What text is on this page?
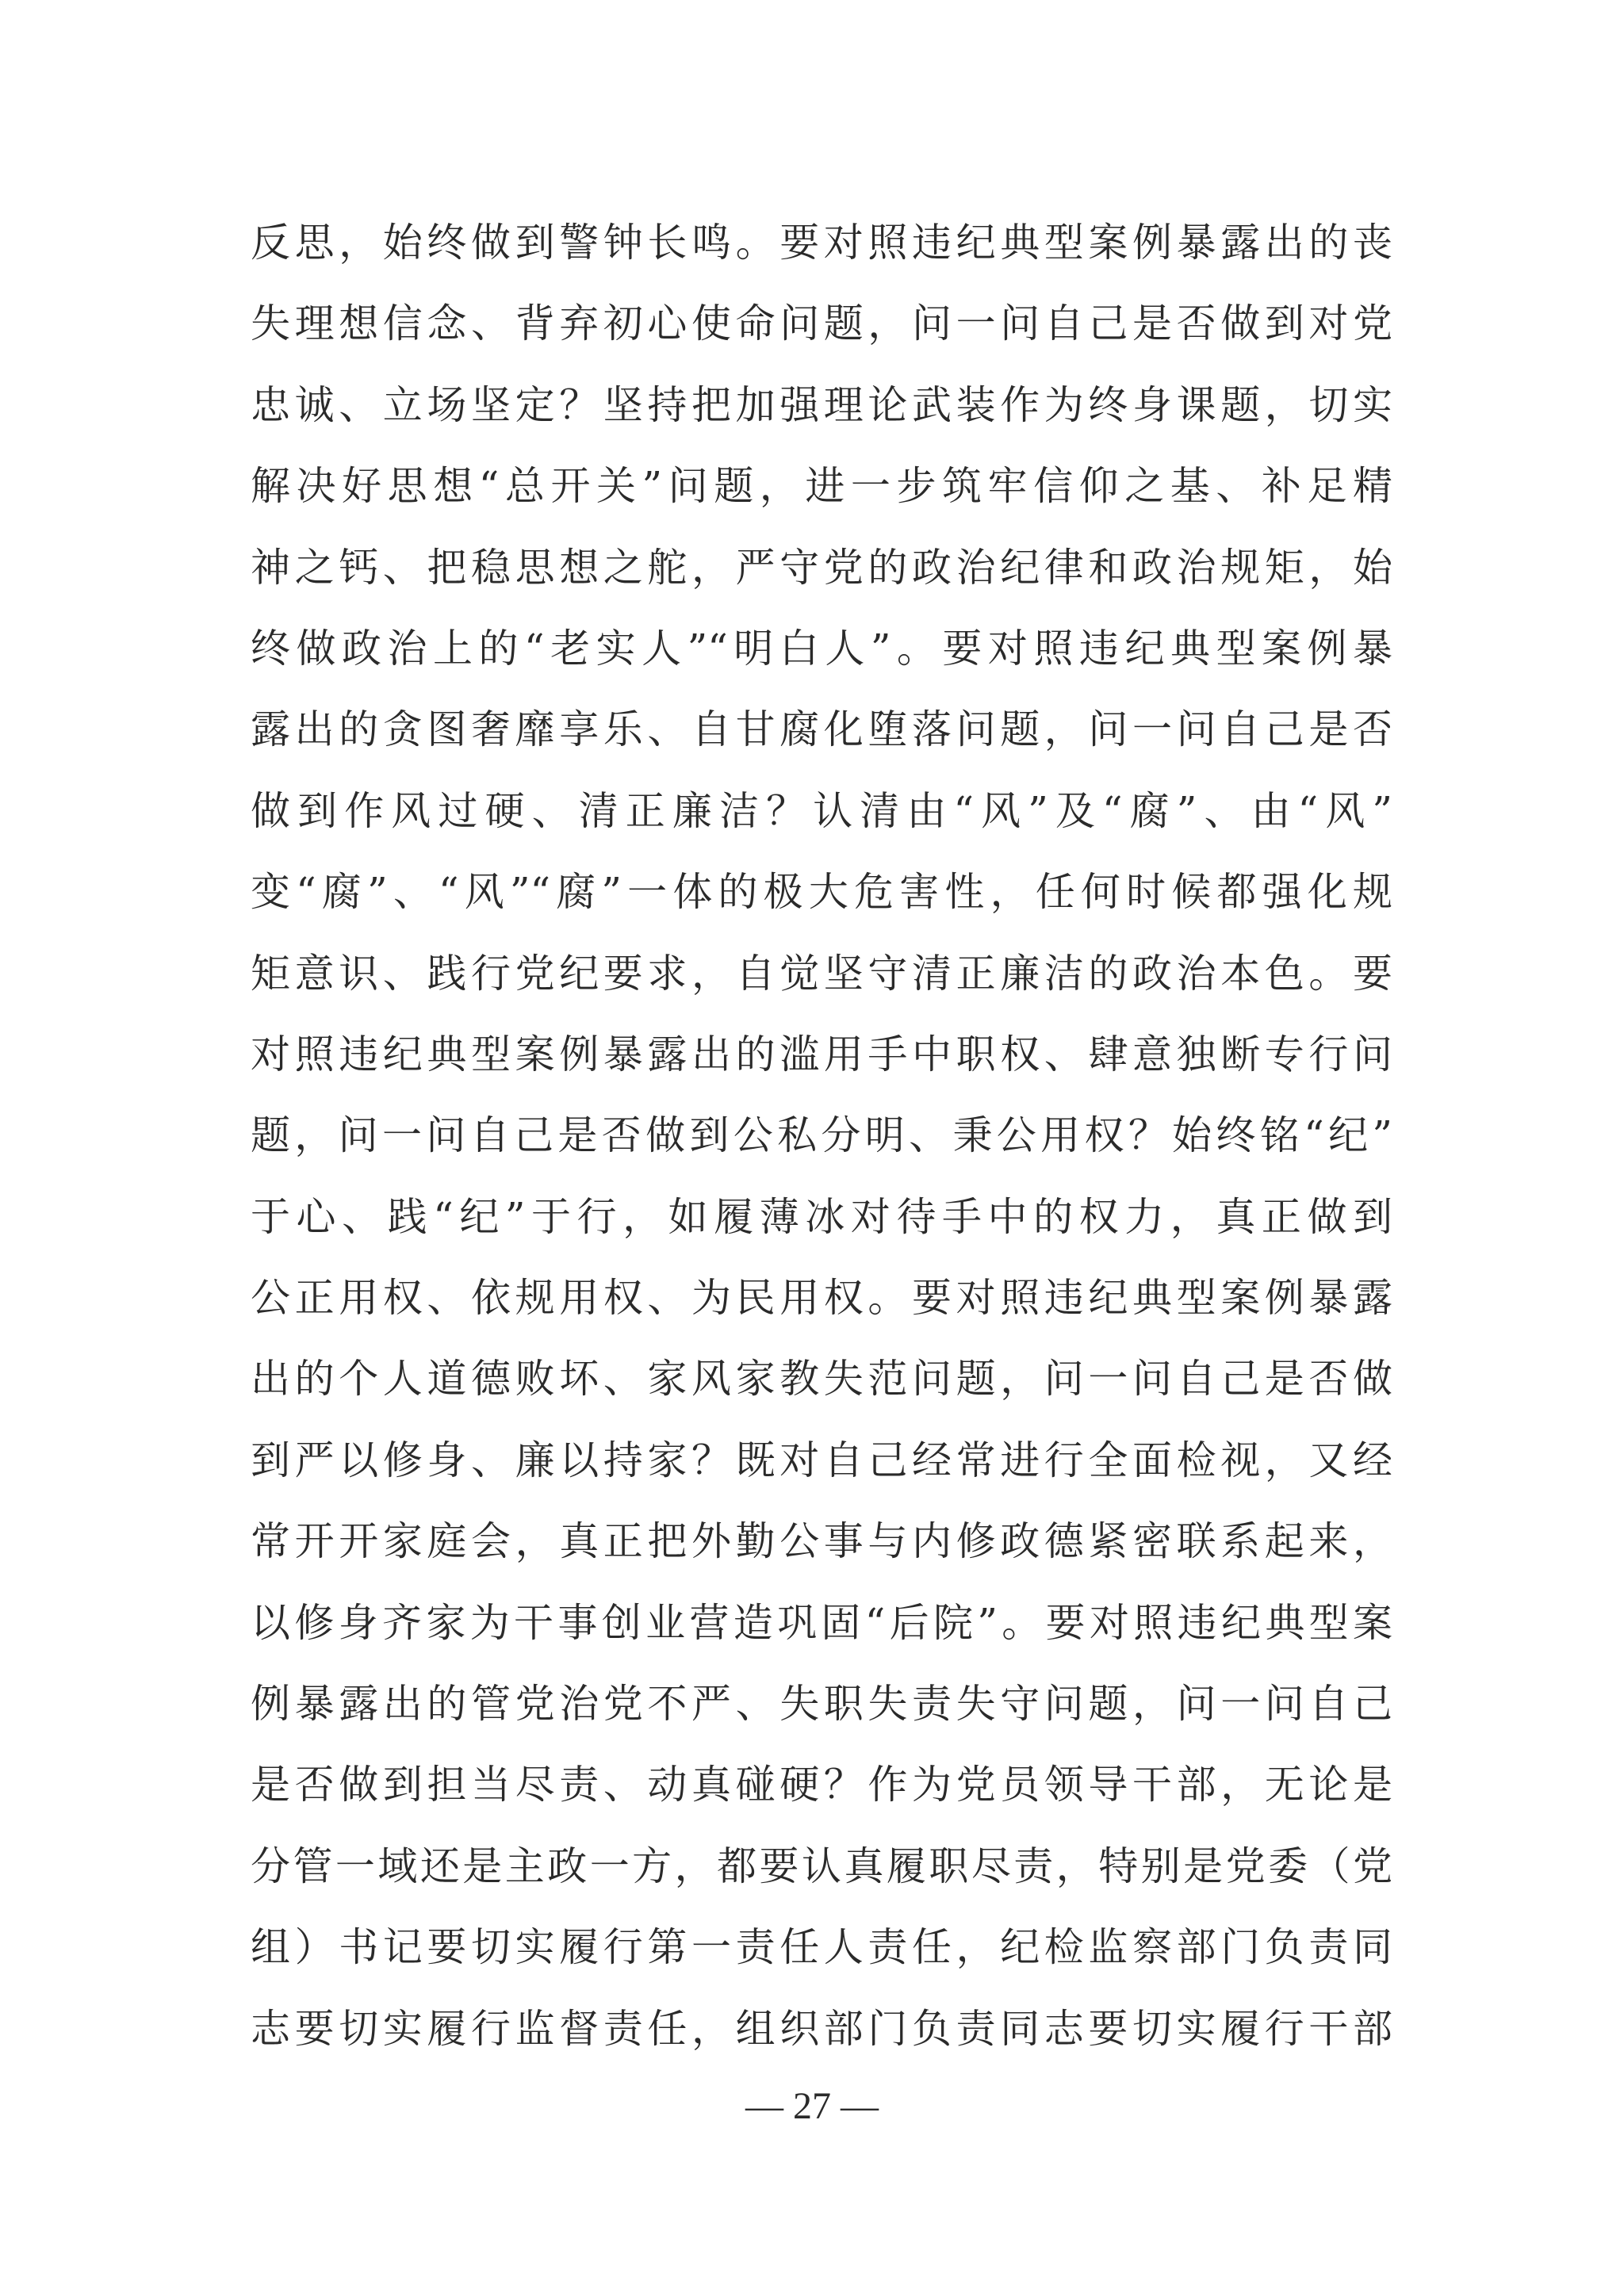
反思，始终做到警钟长鸣。要对照违纪典型案例暴露出的丧
失理想信念、背弃初心使命问题，问一问自己是否做到对党
忠诚、立场坚定？坚持把加强理论武装作为终身课题，切实
解决好思想“总开关”问题，进一步筑牢信仰之基、补足精
神之钙、把稳思想之舵，严守党的政治纪律和政治规矩，始
终做政治上的“老实人”“明白人”。要对照违纪典型案例暴
露出的贪图奢靡享乐、自甘腐化堕落问题，问一问自己是否
做到作风过硬、清正廉洁？认清由“风”及“腐”、由“风”
变“腐”、“风”“腐”一体的极大危害性，任何时候都强化规
矩意识、践行党纪要求，自觉坚守清正廉洁的政治本色。要
对照违纪典型案例暴露出的滥用手中职权、肆意独断专行问
题，问一问自己是否做到公私分明、秉公用权？始终铭“纪”
于心、践“纪”于行，如履薄冰对待手中的权力，真正做到
公正用权、依规用权、为民用权。要对照违纪典型案例暴露
出的个人道德败坏、家风家教失范问题，问一问自己是否做
到严以修身、廉以持家？既对自己经常进行全面检视，又经
常开开家庭会，真正把外勤公事与内修政德紧密联系起来，
以修身齐家为干事创业营造巩固“后院”。要对照违纪典型案
例暴露出的管党治党不严、失职失责失守问题，问一问自己
是否做到担当尽责、动真碰硬？作为党员领导干部，无论是
分管一域还是主政一方，都要认真履职尽责，特别是党委（党
组）书记要切实履行第一责任人责任，纪检监察部门负责同
志要切实履行监督责任，组织部门负责同志要切实履行干部
— 27 —
